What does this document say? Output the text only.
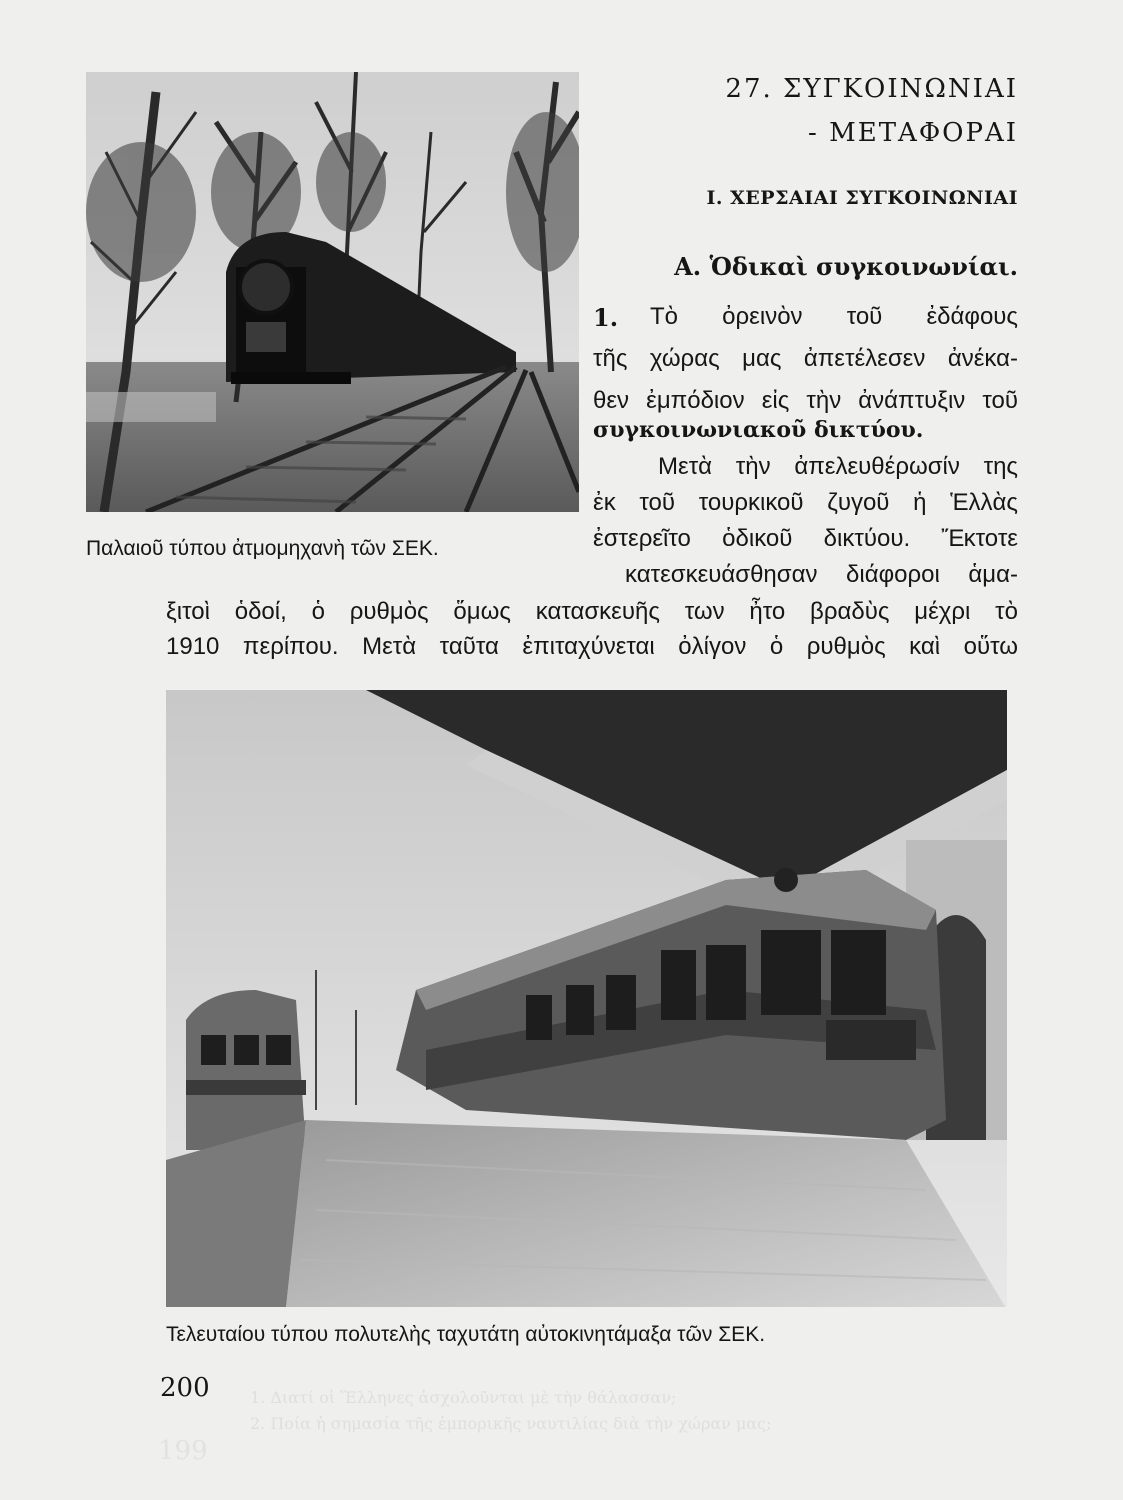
1. Διατί οἱ Ἕλληνες ἀσχολοῦνται μὲ τὴν θάλασσαν;
2. Ποία ἡ σημασία τῆς ἐμπορικῆς ναυτιλίας διὰ τὴν χώραν μας;
199
27. ΣΥΓΚΟΙΝΩΝΙΑΙ
- ΜΕΤΑΦΟΡΑΙ
Ι. ΧΕΡΣΑΙΑΙ ΣΥΓΚΟΙΝΩΝΙΑΙ
Α. Ὁδικαὶ συγκοινωνίαι.
1. Τὸ ὀρεινὸν τοῦ ἐδάφους
τῆς χώρας μας ἀπετέλεσεν ἀνέκα-
θεν ἐμπόδιον εἰς τὴν ἀνάπτυξιν τοῦ
συγκοινωνιακοῦ δικτύου.
Μετὰ τὴν ἀπελευθέρωσίν της
ἐκ τοῦ τουρκικοῦ ζυγοῦ ἡ Ἑλλὰς
ἐστερεῖτο ὁδικοῦ δικτύου. Ἔκτοτε
κατεσκευάσθησαν διάφοροι ἁμα-
ξιτοὶ ὁδοί, ὁ ρυθμὸς ὅμως κατασκευῆς των ἦτο βραδὺς μέχρι τὸ
1910 περίπου. Μετὰ ταῦτα ἐπιταχύνεται ὀλίγον ὁ ρυθμὸς καὶ οὕτω
Παλαιοῦ τύπου ἀτμομηχανὴ τῶν ΣΕΚ.
Τελευταίου τύπου πολυτελὴς ταχυτάτη αὐτοκινητάμαξα τῶν ΣΕΚ.
200
